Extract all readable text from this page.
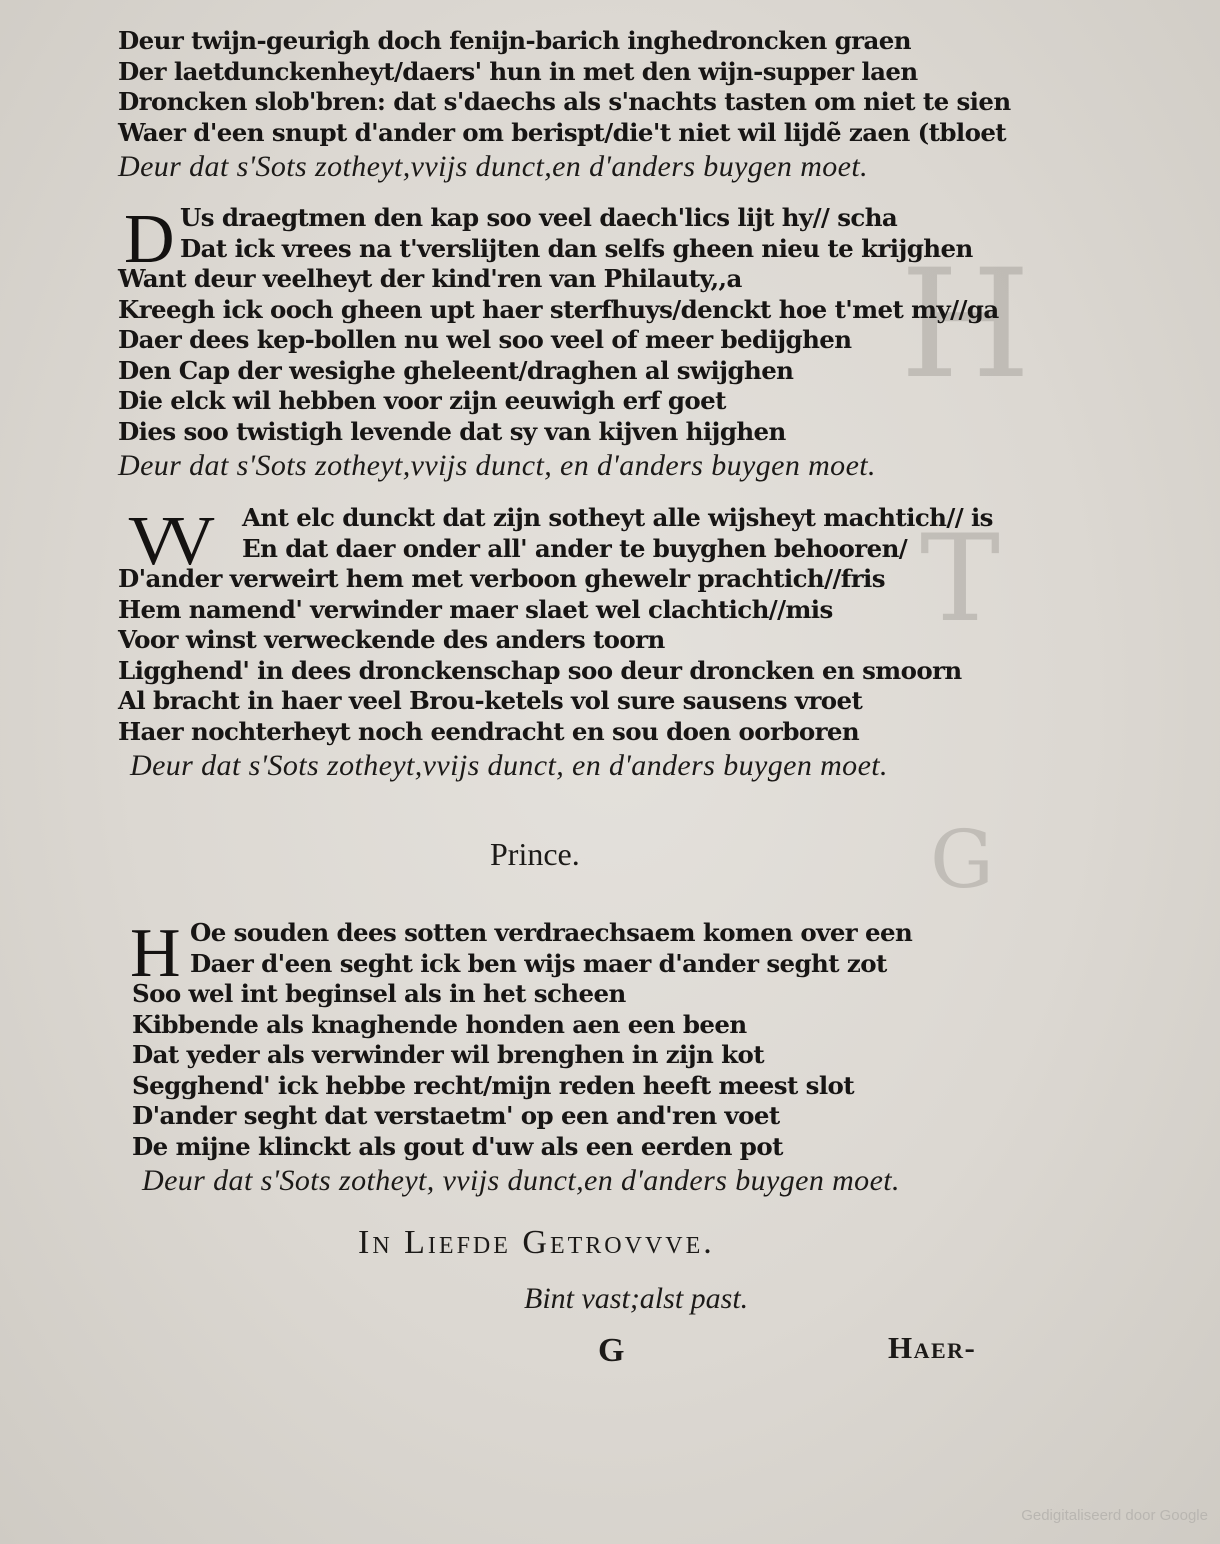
H
T
G
Deur twijn-geurigh doch fenijn-barich inghedroncken graen
Der laetdunckenheyt/daers' hun in met den wijn-supper laen
Droncken slob'bren: dat s'daechs als s'nachts tasten om niet te sien
Waer d'een snupt d'ander om berispt/die't niet wil lijdẽ zaen (tbloet
Deur dat s'Sots zotheyt,vvijs dunct,en d'anders buygen moet.
D Us draegtmen den kap soo veel daech'lics lijt hy// scha
Dat ick vrees na t'verslijten dan selfs gheen nieu te krijghen
Want deur veelheyt der kind'ren van Philauty,,a
Kreegh ick ooch gheen upt haer sterfhuys/denckt hoe t'met my//ga
Daer dees kep-bollen nu wel soo veel of meer bedijghen
Den Cap der wesighe gheleent/draghen al swijghen
Die elck wil hebben voor zijn eeuwigh erf goet
Dies soo twistigh levende dat sy van kijven hijghen
Deur dat s'Sots zotheyt,vvijs dunct, en d'anders buygen moet.
VV	Ant elc dunckt dat zijn sotheyt alle wijsheyt machtich// is
En dat daer onder all' ander te buyghen behooren/
D'ander verweirt hem met verboon ghewelr prachtich//fris
Hem namend' verwinder maer slaet wel clachtich//mis
Voor winst verweckende des anders toorn
Ligghend' in dees dronckenschap soo deur droncken en smoorn
Al bracht in haer veel Brou-ketels vol sure sausens vroet
Haer nochterheyt noch eendracht en sou doen oorboren
Deur dat s'Sots zotheyt,vvijs dunct, en d'anders buygen moet.
Prince.
H Oe souden dees sotten verdraechsaem komen over een
Daer d'een seght ick ben wijs maer d'ander seght zot
Soo wel int beginsel als in het scheen
Kibbende als knaghende honden aen een been
Dat yeder als verwinder wil brenghen in zijn kot
Segghend' ick hebbe recht/mijn reden heeft meest slot
D'ander seght dat verstaetm' op een and'ren voet
De mijne klinckt als gout d'uw als een eerden pot
Deur dat s'Sots zotheyt, vvijs dunct,en d'anders buygen moet.
In Liefde Getrovvve.
Bint vast;alst past.
G	Haer-
Gedigitaliseerd door Google
